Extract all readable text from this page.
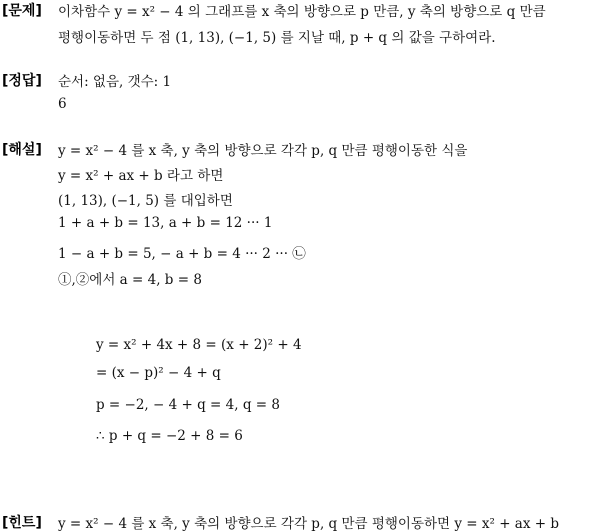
[문제] 이차함수 y = x² − 4 의 그래프를 x 축의 방향으로 p 만큼, y 축의 방향으로 q 만큼
평행이동하면 두 점 (1, 13), (−1, 5) 를 지날 때, p + q 의 값을 구하여라.
[정답] 순서: 없음, 갯수: 1
6
[해설] y = x² − 4 를 x 축, y 축의 방향으로 각각 p, q 만큼 평행이동한 식을
y = x² + ax + b 라고 하면
(1, 13), (−1, 5) 를 대입하면
1 + a + b = 13, a + b = 12 ··· 1
1 − a + b = 5, − a + b = 4 ··· 2 ··· ㉡
①,②에서 a = 4, b = 8
y = x² + 4x + 8 = (x + 2)² + 4
= (x − p)² − 4 + q
p = −2, − 4 + q = 4, q = 8
∴ p + q = −2 + 8 = 6
[힌트] y = x² − 4 를 x 축, y 축의 방향으로 각각 p, q 만큼 평행이동하면 y = x² + ax + b
